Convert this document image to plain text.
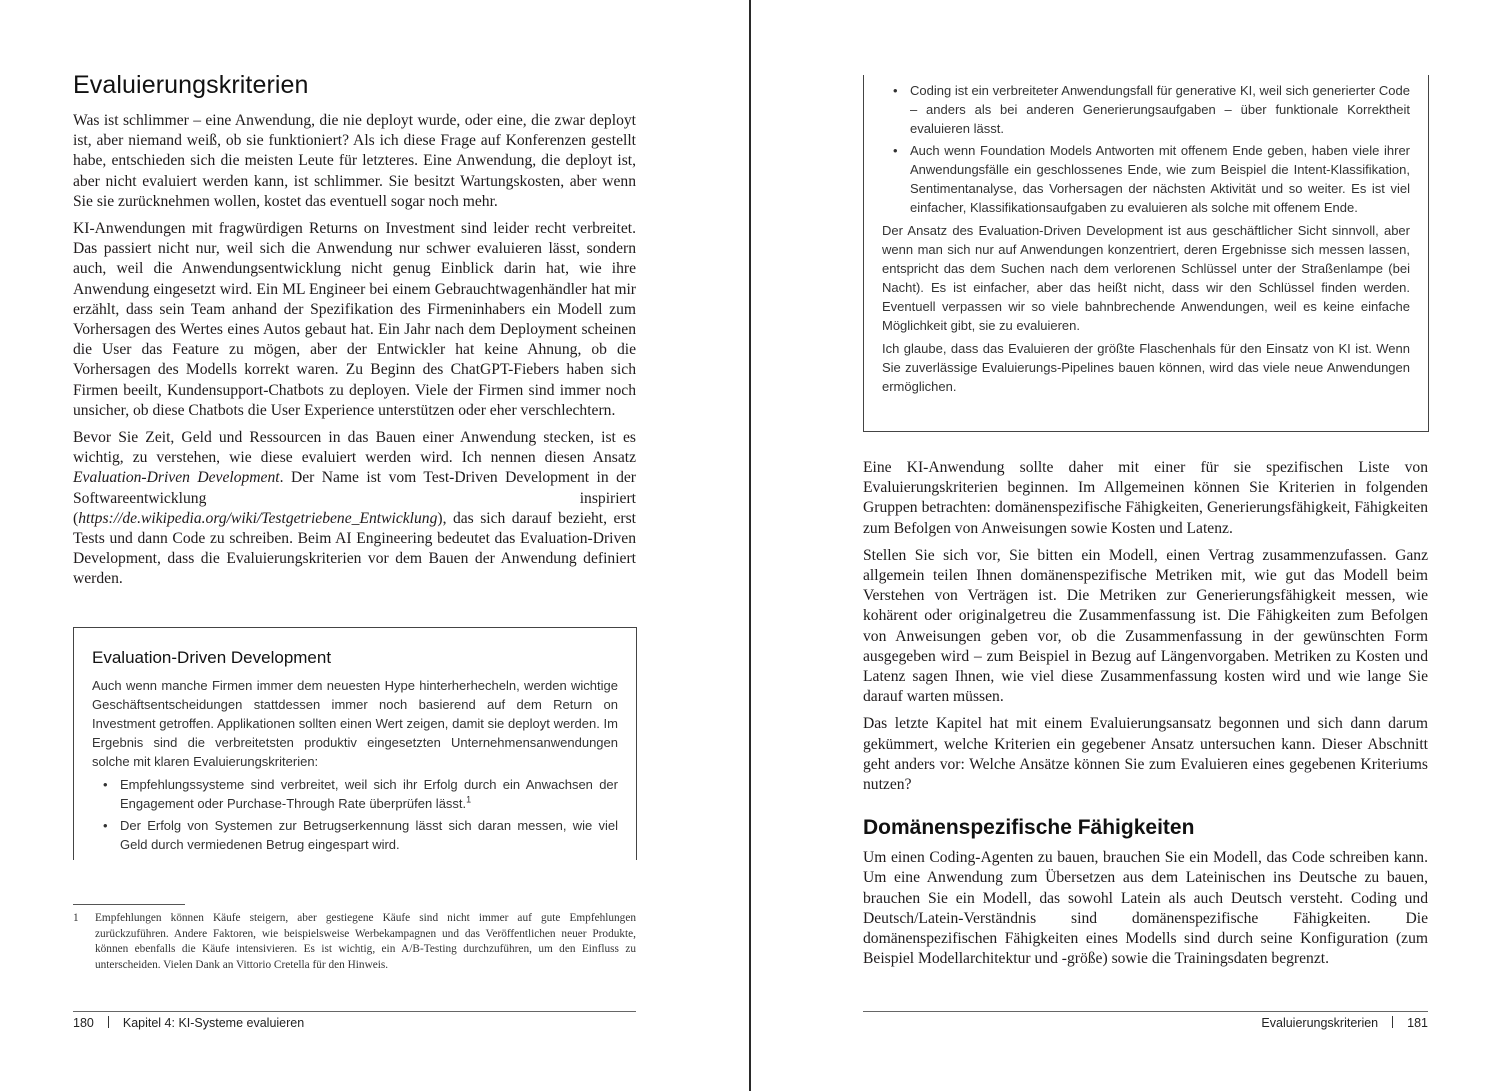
Evaluierungskriterien

Was ist schlimmer – eine Anwendung, die nie deployt wurde, oder eine, die zwar deployt ist, aber niemand weiß, ob sie funktioniert? Als ich diese Frage auf Konferenzen gestellt habe, entschieden sich die meisten Leute für letzteres. Eine Anwendung, die deployt ist, aber nicht evaluiert werden kann, ist schlimmer. Sie besitzt Wartungskosten, aber wenn Sie sie zurücknehmen wollen, kostet das eventuell sogar noch mehr.

KI-Anwendungen mit fragwürdigen Returns on Investment sind leider recht verbreitet. Das passiert nicht nur, weil sich die Anwendung nur schwer evaluieren lässt, sondern auch, weil die Anwendungsentwicklung nicht genug Einblick darin hat, wie ihre Anwendung eingesetzt wird. Ein ML Engineer bei einem Gebrauchtwagenhändler hat mir erzählt, dass sein Team anhand der Spezifikation des Firmeninhabers ein Modell zum Vorhersagen des Wertes eines Autos gebaut hat. Ein Jahr nach dem Deployment scheinen die User das Feature zu mögen, aber der Entwickler hat keine Ahnung, ob die Vorhersagen des Modells korrekt waren. Zu Beginn des ChatGPT-Fiebers haben sich Firmen beeilt, Kundensupport-Chatbots zu deployen. Viele der Firmen sind immer noch unsicher, ob diese Chatbots die User Experience unterstützen oder eher verschlechtern.

Bevor Sie Zeit, Geld und Ressourcen in das Bauen einer Anwendung stecken, ist es wichtig, zu verstehen, wie diese evaluiert werden wird. Ich nennen diesen Ansatz Evaluation-Driven Development. Der Name ist vom Test-Driven Development in der Softwareentwicklung inspiriert (https://de.wikipedia.org/wiki/Testgetriebene_Entwicklung), das sich darauf bezieht, erst Tests und dann Code zu schreiben. Beim AI Engineering bedeutet das Evaluation-Driven Development, dass die Evaluierungskriterien vor dem Bauen der Anwendung definiert werden.

Evaluation-Driven Development

Auch wenn manche Firmen immer dem neuesten Hype hinterherhecheln, werden wichtige Geschäftsentscheidungen stattdessen immer noch basierend auf dem Return on Investment getroffen. Applikationen sollten einen Wert zeigen, damit sie deployt werden. Im Ergebnis sind die verbreitetsten produktiv eingesetzten Unternehmensanwendungen solche mit klaren Evaluierungskriterien:

• Empfehlungssysteme sind verbreitet, weil sich ihr Erfolg durch ein Anwachsen der Engagement oder Purchase-Through Rate überprüfen lässt.$^1$
• Der Erfolg von Systemen zur Betrugserkennung lässt sich daran messen, wie viel Geld durch vermiedenen Betrug eingespart wird.
1 Empfehlungen können Käufe steigern, aber gestiegene Käufe sind nicht immer auf gute Empfehlungen zurückzuführen. Andere Faktoren, wie beispielsweise Werbekampagnen und das Veröffentlichen neuer Produkte, können ebenfalls die Käufe intensivieren. Es ist wichtig, ein A/B-Testing durchzuführen, um den Einfluss zu unterscheiden. Vielen Dank an Vittorio Cretella für den Hinweis.
180 Kapitel 4: KI-Systeme evaluieren
• Coding ist ein verbreiteter Anwendungsfall für generative KI, weil sich generierter Code – anders als bei anderen Generierungsaufgaben – über funktionale Korrektheit evaluieren lässt.
• Auch wenn Foundation Models Antworten mit offenem Ende geben, haben viele ihrer Anwendungsfälle ein geschlossenes Ende, wie zum Beispiel die Intent-Klassifikation, Sentimentanalyse, das Vorhersagen der nächsten Aktivität und so weiter. Es ist viel einfacher, Klassifikationsaufgaben zu evaluieren als solche mit offenem Ende.

Der Ansatz des Evaluation-Driven Development ist aus geschäftlicher Sicht sinnvoll, aber wenn man sich nur auf Anwendungen konzentriert, deren Ergebnisse sich messen lassen, entspricht das dem Suchen nach dem verlorenen Schlüssel unter der Straßenlampe (bei Nacht). Es ist einfacher, aber das heißt nicht, dass wir den Schlüssel finden werden. Eventuell verpassen wir so viele bahnbrechende Anwendungen, weil es keine einfache Möglichkeit gibt, sie zu evaluieren.

Ich glaube, dass das Evaluieren der größte Flaschenhals für den Einsatz von KI ist. Wenn Sie zuverlässige Evaluierungs-Pipelines bauen können, wird das viele neue Anwendungen ermöglichen.

Eine KI-Anwendung sollte daher mit einer für sie spezifischen Liste von Evaluierungskriterien beginnen. Im Allgemeinen können Sie Kriterien in folgenden Gruppen betrachten: domänenspezifische Fähigkeiten, Generierungsfähigkeit, Fähigkeiten zum Befolgen von Anweisungen sowie Kosten und Latenz.

Stellen Sie sich vor, Sie bitten ein Modell, einen Vertrag zusammenzufassen. Ganz allgemein teilen Ihnen domänenspezifische Metriken mit, wie gut das Modell beim Verstehen von Verträgen ist. Die Metriken zur Generierungsfähigkeit messen, wie kohärent oder originalgetreu die Zusammenfassung ist. Die Fähigkeiten zum Befolgen von Anweisungen geben vor, ob die Zusammenfassung in der gewünschten Form ausgegeben wird – zum Beispiel in Bezug auf Längenvorgaben. Metriken zu Kosten und Latenz sagen Ihnen, wie viel diese Zusammenfassung kosten wird und wie lange Sie darauf warten müssen.

Das letzte Kapitel hat mit einem Evaluierungsansatz begonnen und sich dann darum gekümmert, welche Kriterien ein gegebener Ansatz untersuchen kann. Dieser Abschnitt geht anders vor: Welche Ansätze können Sie zum Evaluieren eines gegebenen Kriteriums nutzen?

Domänenspezifische Fähigkeiten

Um einen Coding-Agenten zu bauen, brauchen Sie ein Modell, das Code schreiben kann. Um eine Anwendung zum Übersetzen aus dem Lateinischen ins Deutsche zu bauen, brauchen Sie ein Modell, das sowohl Latein als auch Deutsch versteht. Coding und Deutsch/Latein-Verständnis sind domänenspezifische Fähigkeiten. Die domänenspezifischen Fähigkeiten eines Modells sind durch seine Konfiguration (zum Beispiel Modellarchitektur und -größe) sowie die Trainingsdaten begrenzt.

Evaluierungskriterien 181
